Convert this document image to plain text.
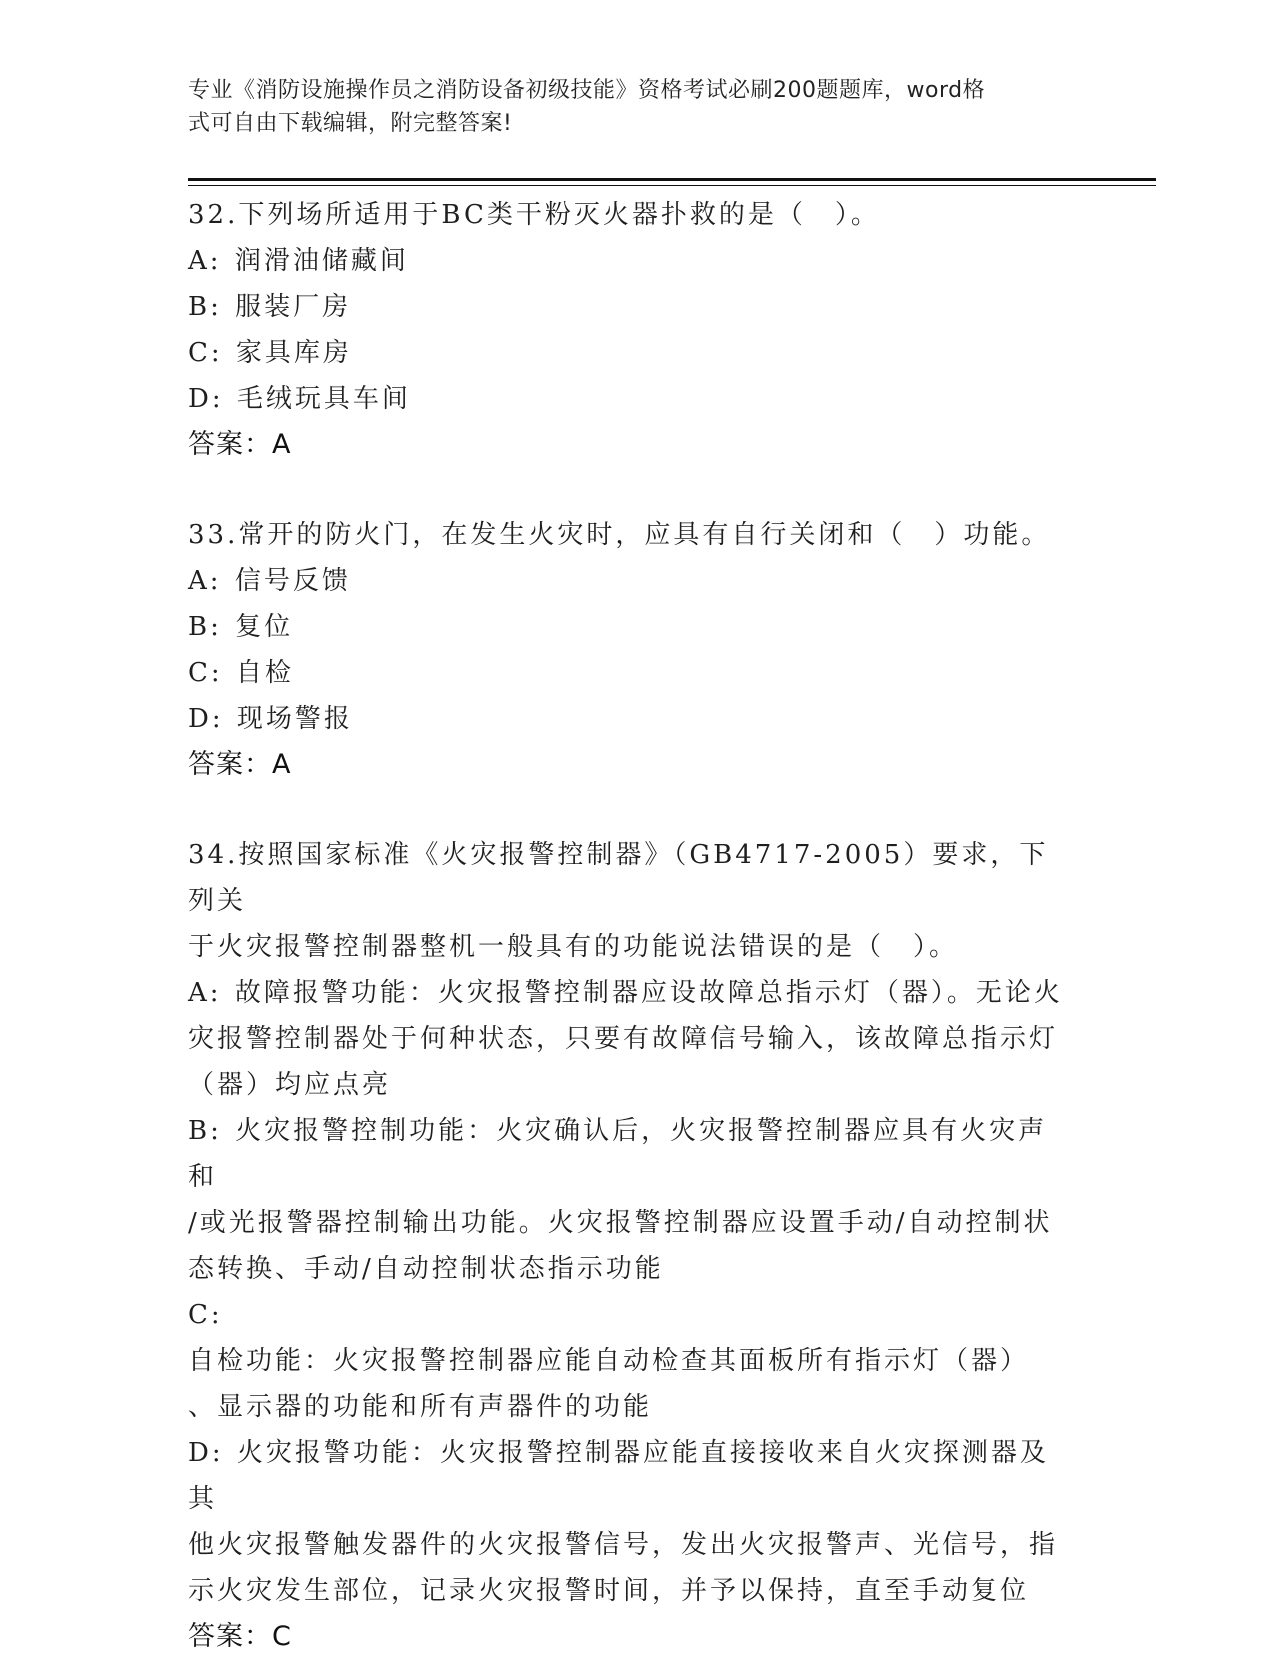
专业《消防设施操作员之消防设备初级技能》资格考试必刷200题题库，word格
式可自由下载编辑，附完整答案!
32.下列场所适用于BC类干粉灭火器扑救的是（　）。
A: 润滑油储藏间
B: 服装厂房
C: 家具库房
D: 毛绒玩具车间
答案：A
33.常开的防火门，在发生火灾时，应具有自行关闭和（　）功能。
A: 信号反馈
B: 复位
C: 自检
D: 现场警报
答案：A
34.按照国家标准《火灾报警控制器》（GB4717-2005）要求，下列关
于火灾报警控制器整机一般具有的功能说法错误的是（　）。
A: 故障报警功能：火灾报警控制器应设故障总指示灯（器）。无论火
灾报警控制器处于何种状态，只要有故障信号输入，该故障总指示灯
（器）均应点亮
B: 火灾报警控制功能：火灾确认后，火灾报警控制器应具有火灾声和
/或光报警器控制输出功能。火灾报警控制器应设置手动/自动控制状
态转换、手动/自动控制状态指示功能
C: 自检功能：火灾报警控制器应能自动检查其面板所有指示灯（器）
、显示器的功能和所有声器件的功能
D: 火灾报警功能：火灾报警控制器应能直接接收来自火灾探测器及其
他火灾报警触发器件的火灾报警信号，发出火灾报警声、光信号，指
示火灾发生部位，记录火灾报警时间，并予以保持，直至手动复位
答案：C
